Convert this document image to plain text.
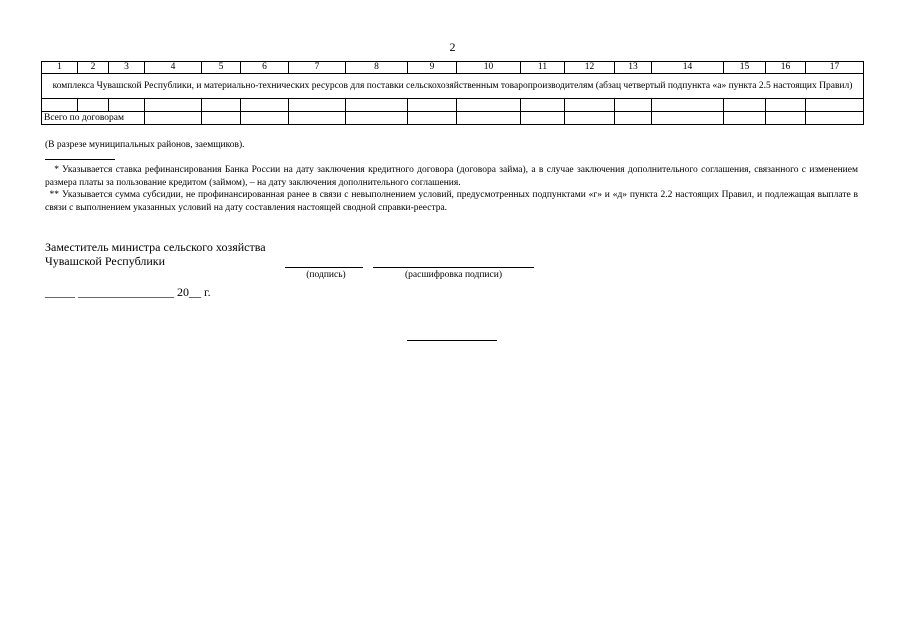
2
1	2	3	4	5	6	7	8	9	10	11	12	13	14	15	16	17
комплекса Чувашской Республики, и материально-технических ресурсов для поставки сельскохозяйственным товаропроизводителям (абзац четвертый подпункта «а» пункта 2.5 настоящих Правил)																

Всего по договорам																
(В разрезе муниципальных районов, заемщиков).
* Указывается ставка рефинансирования Банка России на дату заключения кредитного договора (договора займа), а в случае заключения дополнительного соглашения, связанного с изменением размера платы за пользование кредитом (займом), – на дату заключения дополнительного соглашения.
** Указывается сумма субсидии, не профинансированная ранее в связи с невыполнением условий, предусмотренных подпунктами «г» и «д» пункта 2.2 настоящих Правил, и подлежащая выплате в связи с выполнением указанных условий на дату составления настоящей сводной справки-реестра.
Заместитель министра сельского хозяйства
Чувашской Республики
(подпись)	(расшифровка подписи)
_____ ________________ 20__ г.
